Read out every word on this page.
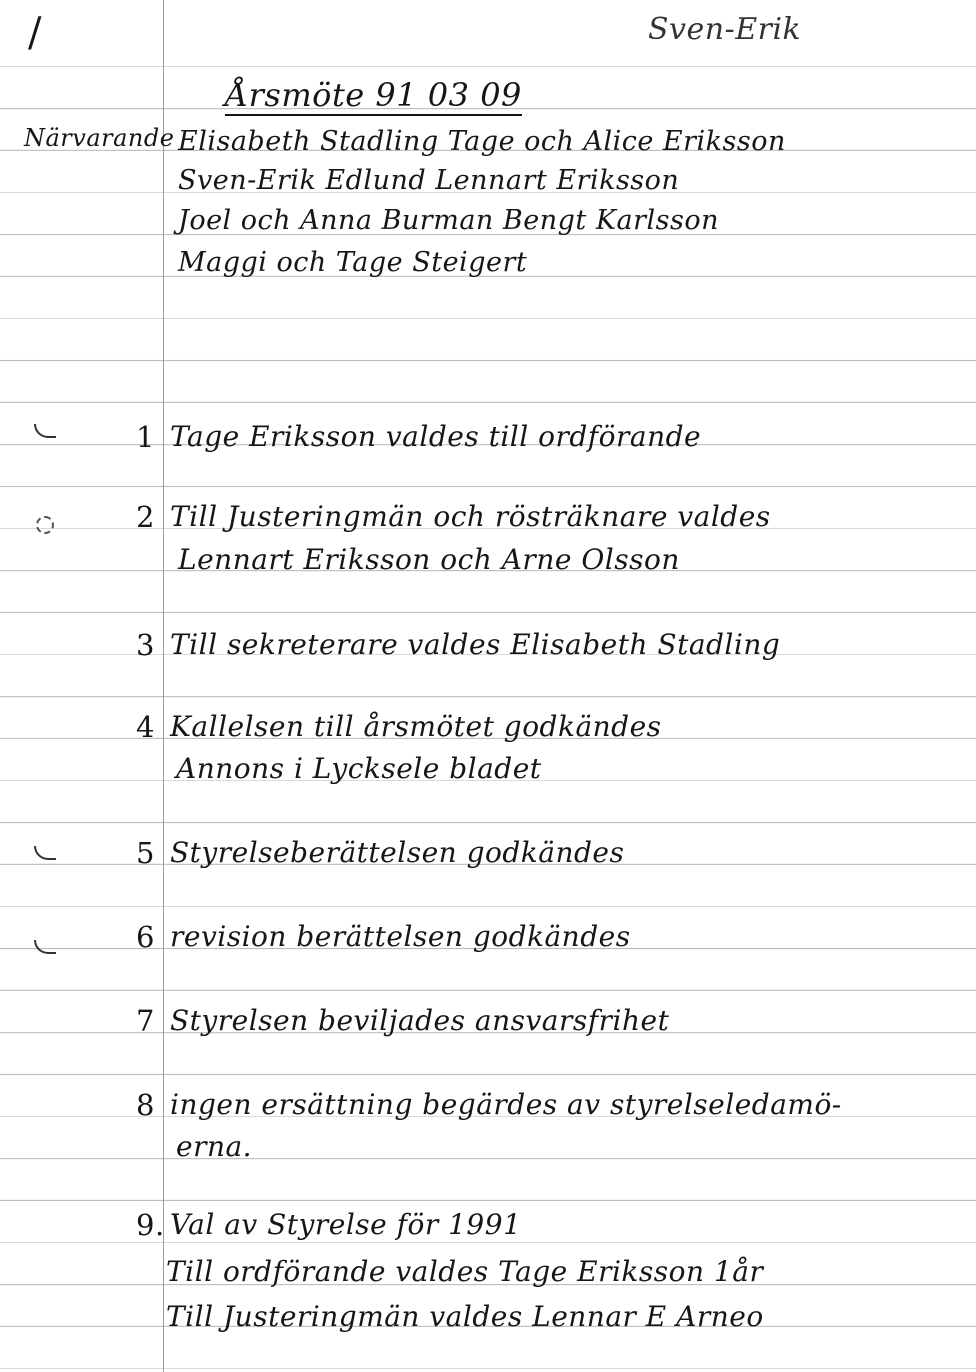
/	Sven-Erik
Årsmöte 91 03 09
Närvarande Elisabeth Stadling Tage och Alice Eriksson
Sven-Erik Edlund Lennart Eriksson
Joel och Anna Burman Bengt Karlsson
Maggi och Tage Steigert
1 Tage Eriksson valdes till ordförande
2 Till Justeringmän och rösträknare valdes
Lennart Eriksson och Arne Olsson
3 Till sekreterare valdes Elisabeth Stadling
4 Kallelsen till årsmötet godkändes
Annons i Lycksele bladet
5 Styrelseberättelsen godkändes
6 revision berättelsen godkändes
7 Styrelsen beviljades ansvarsfrihet
8 ingen ersättning begärdes av styrelseledamö-
erna.
9. Val av Styrelse för 1991
Till ordförande valdes Tage Eriksson 1år
Till Justeringmän valdes Lennar E Arneo
